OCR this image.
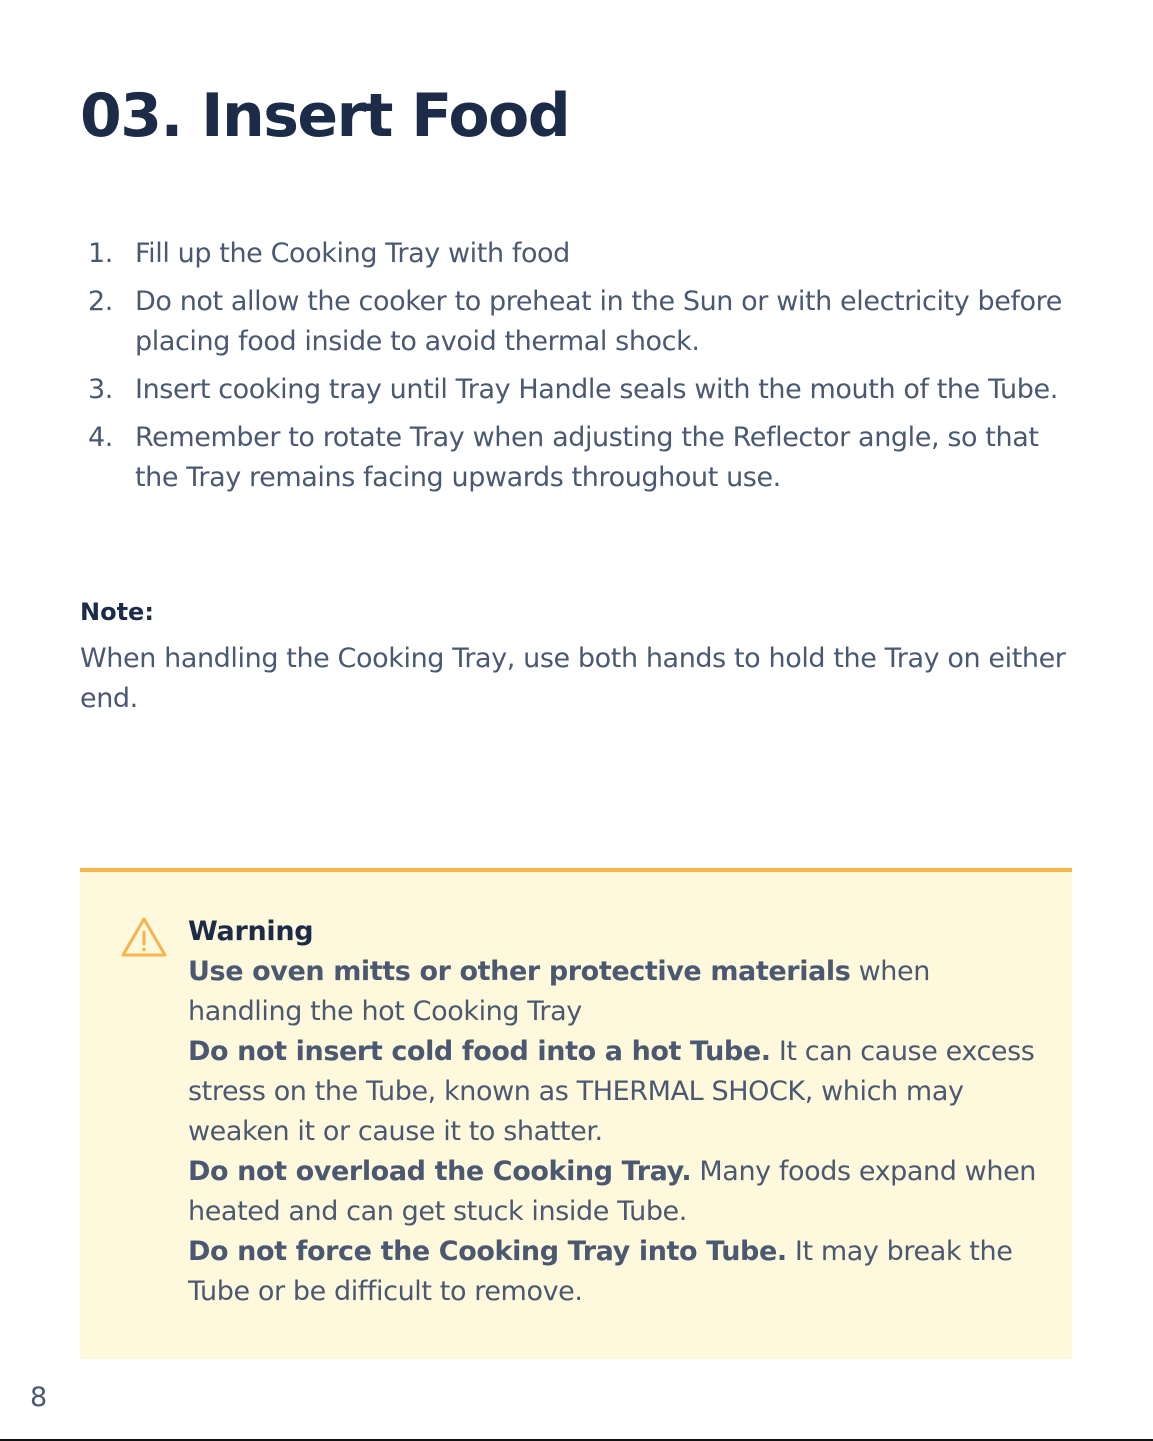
03. Insert Food
1. Fill up the Cooking Tray with food
2. Do not allow the cooker to preheat in the Sun or with electricity before placing food inside to avoid thermal shock.
3. Insert cooking tray until Tray Handle seals with the mouth of the Tube.
4. Remember to rotate Tray when adjusting the Reflector angle, so that the Tray remains facing upwards throughout use.

Note:

When handling the Cooking Tray, use both hands to hold the Tray on either end.

Warning

Use oven mitts or other protective materials when handling the hot Cooking Tray

Do not insert cold food into a hot Tube. It can cause excess stress on the Tube, known as THERMAL SHOCK, which may weaken it or cause it to shatter.

Do not overload the Cooking Tray. Many foods expand when heated and can get stuck inside Tube.

Do not force the Cooking Tray into Tube. It may break the Tube or be difficult to remove.

8
